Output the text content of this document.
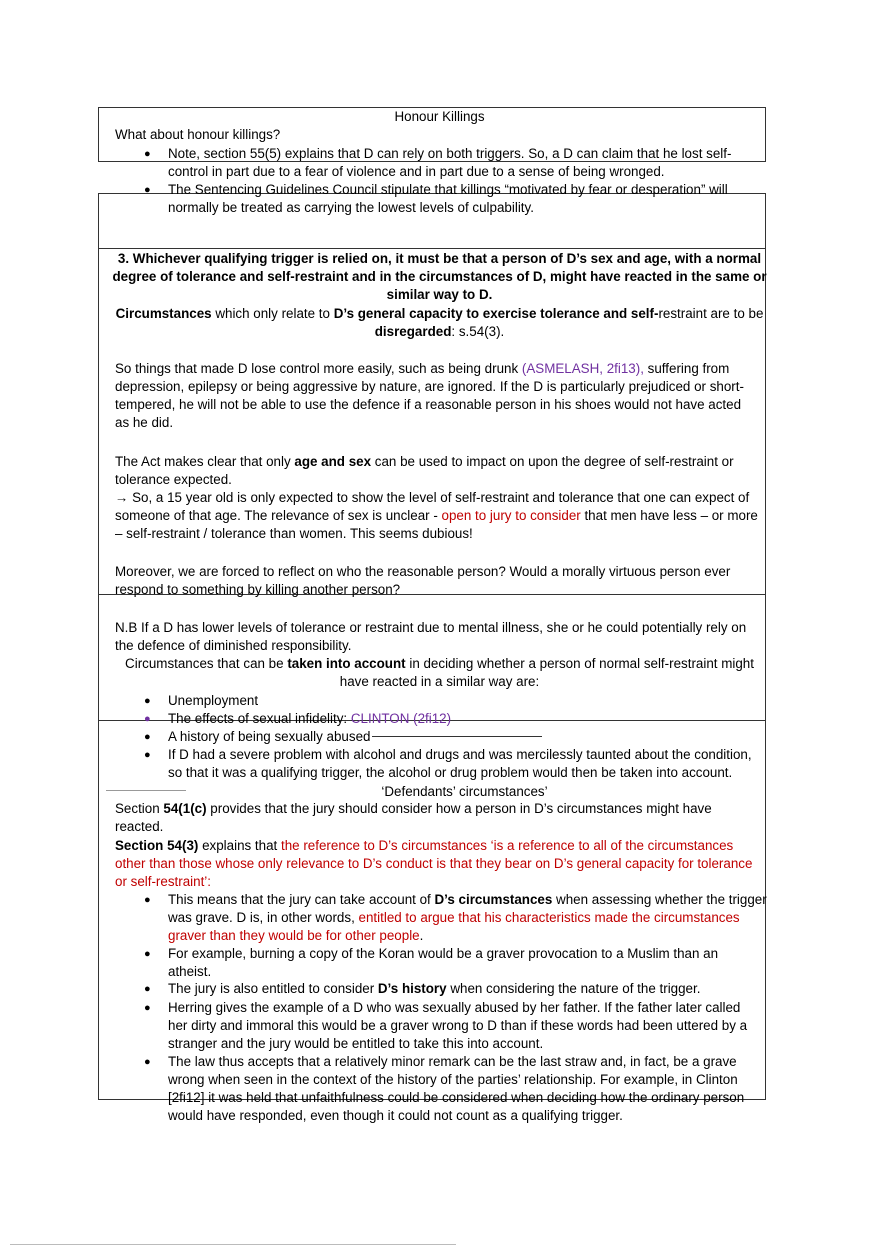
Honour Killings

What about honour killings?

● Note, section 55(5) explains that D can rely on both triggers. So, a D can claim that he lost self-
control in part due to a fear of violence and in part due to a sense of being wronged.

● The Sentencing Guidelines Council stipulate that killings “motivated by fear or desperation” will
normally be treated as carrying the lowest levels of culpability.

3. Whichever qualifying trigger is relied on, it must be that a person of D’s sex and age, with a normal
degree of tolerance and self-restraint and in the circumstances of D, might have reacted in the same or
similar way to D.

Circumstances which only relate to D’s general capacity to exercise tolerance and self-restraint are to be
disregarded: s.54(3).

So things that made D lose control more easily, such as being drunk (ASMELASH, 2fi13), suffering from
depression, epilepsy or being aggressive by nature, are ignored. If the D is particularly prejudiced or short-
tempered, he will not be able to use the defence if a reasonable person in his shoes would not have acted
as he did.

The Act makes clear that only age and sex can be used to impact on upon the degree of self-restraint or
tolerance expected.

→ So, a 15 year old is only expected to show the level of self-restraint and tolerance that one can expect of
someone of that age. The relevance of sex is unclear - open to jury to consider that men have less – or more
– self-restraint / tolerance than women. This seems dubious!

Moreover, we are forced to reflect on who the reasonable person? Would a morally virtuous person ever
respond to something by killing another person?

N.B If a D has lower levels of tolerance or restraint due to mental illness, she or he could potentially rely on
the defence of diminished responsibility.

Circumstances that can be taken into account in deciding whether a person of normal self-restraint might
have reacted in a similar way are:

● Unemployment

● The effects of sexual infidelity: CLINTON (2fi12)

● A history of being sexually abused

● If D had a severe problem with alcohol and drugs and was mercilessly taunted about the condition,
so that it was a qualifying trigger, the alcohol or drug problem would then be taken into account.

‘Defendants’ circumstances’

Section 54(1(c) provides that the jury should consider how a person in D’s circumstances might have
reacted.

Section 54(3) explains that the reference to D’s circumstances ‘is a reference to all of the circumstances
other than those whose only relevance to D’s conduct is that they bear on D’s general capacity for tolerance
or self-restraint’:

● This means that the jury can take account of D’s circumstances when assessing whether the trigger
was grave. D is, in other words, entitled to argue that his characteristics made the circumstances
graver than they would be for other people.

● For example, burning a copy of the Koran would be a graver provocation to a Muslim than an
atheist.

● The jury is also entitled to consider D’s history when considering the nature of the trigger.

● Herring gives the example of a D who was sexually abused by her father. If the father later called
her dirty and immoral this would be a graver wrong to D than if these words had been uttered by a
stranger and the jury would be entitled to take this into account.

● The law thus accepts that a relatively minor remark can be the last straw and, in fact, be a grave
wrong when seen in the context of the history of the parties’ relationship. For example, in Clinton
[2fi12] it was held that unfaithfulness could be considered when deciding how the ordinary person
would have responded, even though it could not count as a qualifying trigger.
